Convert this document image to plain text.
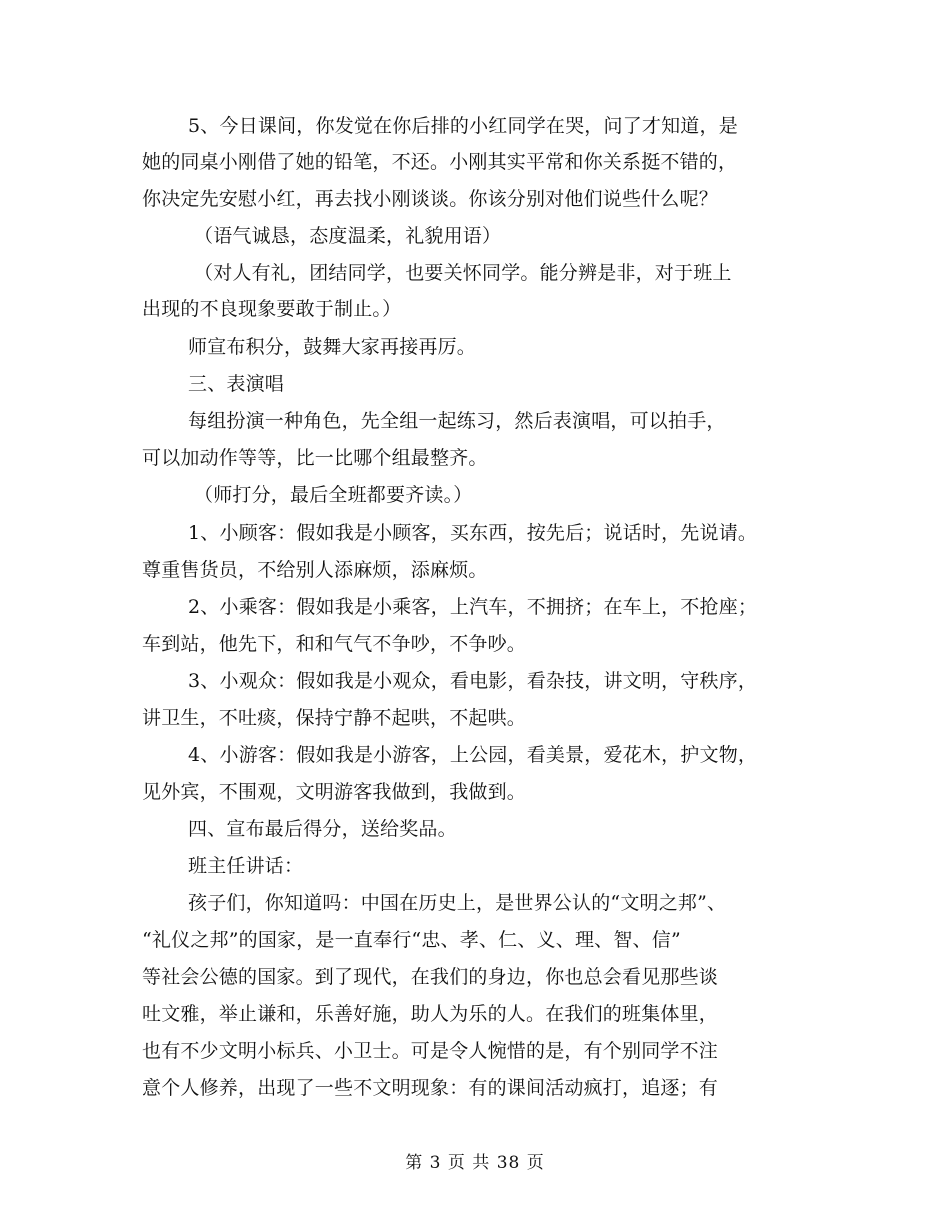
5、今日课间，你发觉在你后排的小红同学在哭，问了才知道，是
她的同桌小刚借了她的铅笔，不还。小刚其实平常和你关系挺不错的，
你决定先安慰小红，再去找小刚谈谈。你该分别对他们说些什么呢？
（语气诚恳，态度温柔，礼貌用语）
（对人有礼，团结同学，也要关怀同学。能分辨是非，对于班上
出现的不良现象要敢于制止。）
师宣布积分，鼓舞大家再接再厉。
三、表演唱
每组扮演一种角色，先全组一起练习，然后表演唱，可以拍手，
可以加动作等等，比一比哪个组最整齐。
（师打分，最后全班都要齐读。）
1、小顾客：假如我是小顾客，买东西，按先后；说话时，先说请。
尊重售货员，不给别人添麻烦，添麻烦。
2、小乘客：假如我是小乘客，上汽车，不拥挤；在车上，不抢座；
车到站，他先下，和和气气不争吵，不争吵。
3、小观众：假如我是小观众，看电影，看杂技，讲文明，守秩序，
讲卫生，不吐痰，保持宁静不起哄，不起哄。
4、小游客：假如我是小游客，上公园，看美景，爱花木，护文物，
见外宾，不围观，文明游客我做到，我做到。
四、宣布最后得分，送给奖品。
班主任讲话：
孩子们，你知道吗：中国在历史上，是世界公认的“文明之邦”、
“礼仪之邦”的国家，是一直奉行“忠、孝、仁、义、理、智、信”
等社会公德的国家。到了现代，在我们的身边，你也总会看见那些谈
吐文雅，举止谦和，乐善好施，助人为乐的人。在我们的班集体里，
也有不少文明小标兵、小卫士。可是令人惋惜的是，有个别同学不注
意个人修养，出现了一些不文明现象：有的课间活动疯打，追逐；有
第 3 页 共 38 页
